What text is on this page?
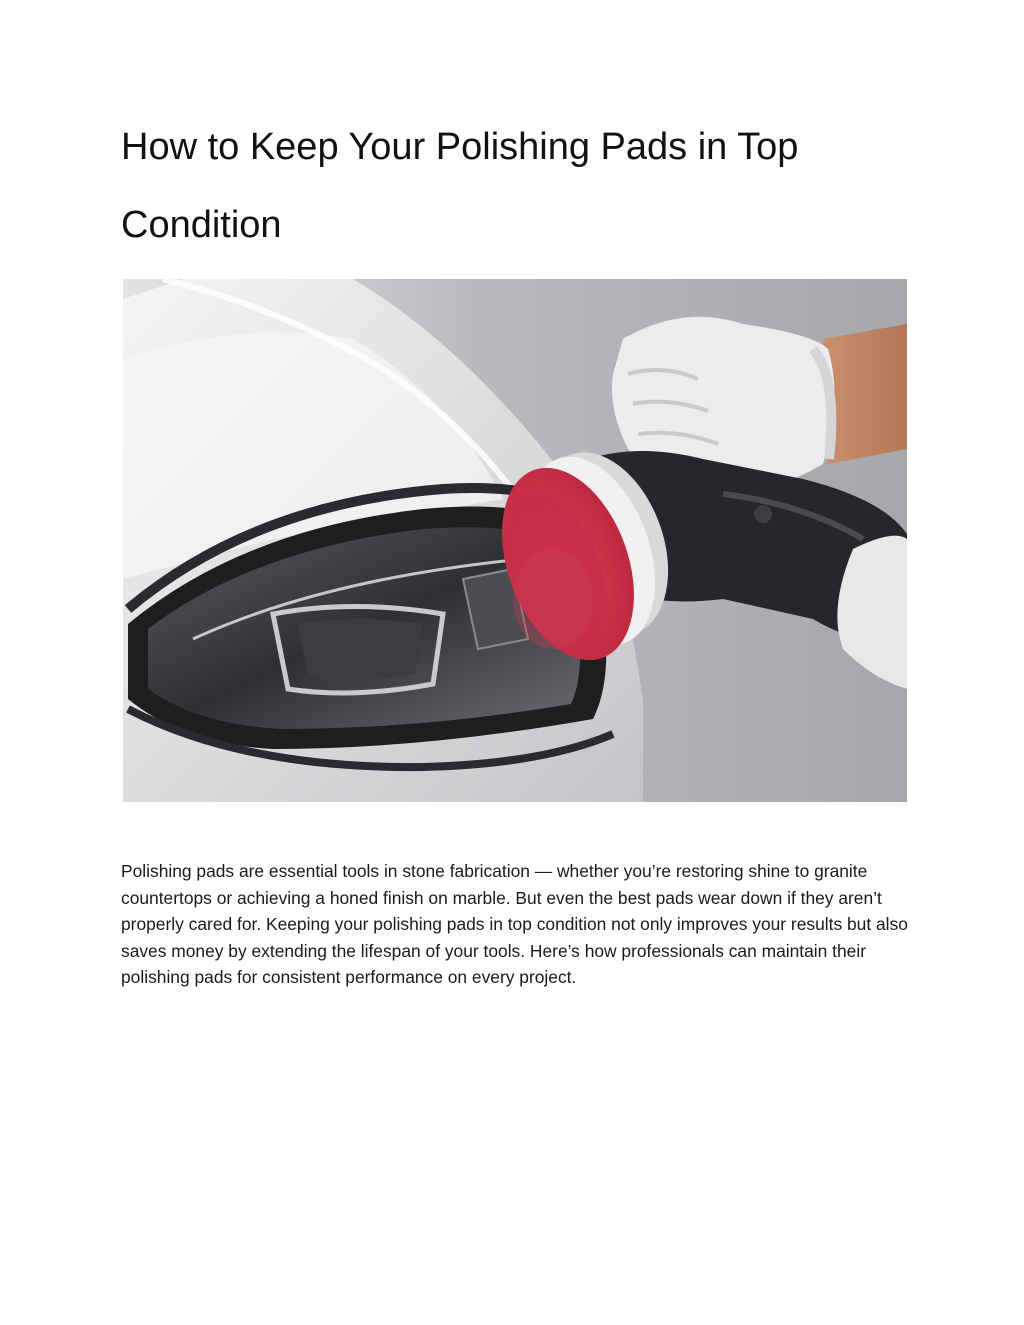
How to Keep Your Polishing Pads in Top Condition

Polishing pads are essential tools in stone fabrication — whether you’re restoring shine to granite countertops or achieving a honed finish on marble. But even the best pads wear down if they aren’t properly cared for. Keeping your polishing pads in top condition not only improves your results but also saves money by extending the lifespan of your tools. Here’s how professionals can maintain their polishing pads for consistent performance on every project.
